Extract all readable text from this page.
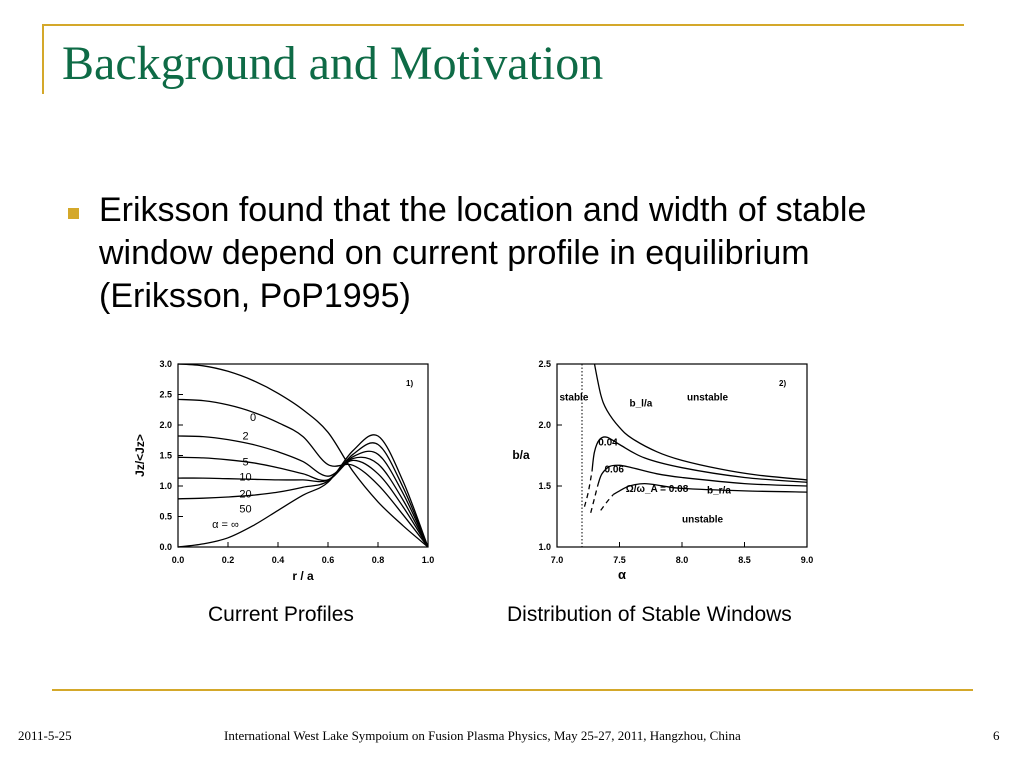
Background and Motivation
Eriksson found that the location and width of stable window depend on current profile in equilibrium (Eriksson, PoP1995)
0.0	0.2	0.4	0.6	0.8	1.0
0.0
0.5
1.0
1.5
2.0
2.5
3.0
0
2
5
10
20
50
α = ∞
1)
r / a
Jz/<Jz>
7.0	7.5	8.0	8.5	9.0
1.0
1.5
2.0
2.5
stable	unstable
unstable
b_l/a
b_r/a
0.04
0.06
Ω/ω_A = 0.08
2)
α
b/a
Current Profiles	Distribution of Stable Windows
2011-5-25	International West Lake Sympoium on Fusion Plasma Physics, May 25-27, 2011, Hangzhou, China	6
